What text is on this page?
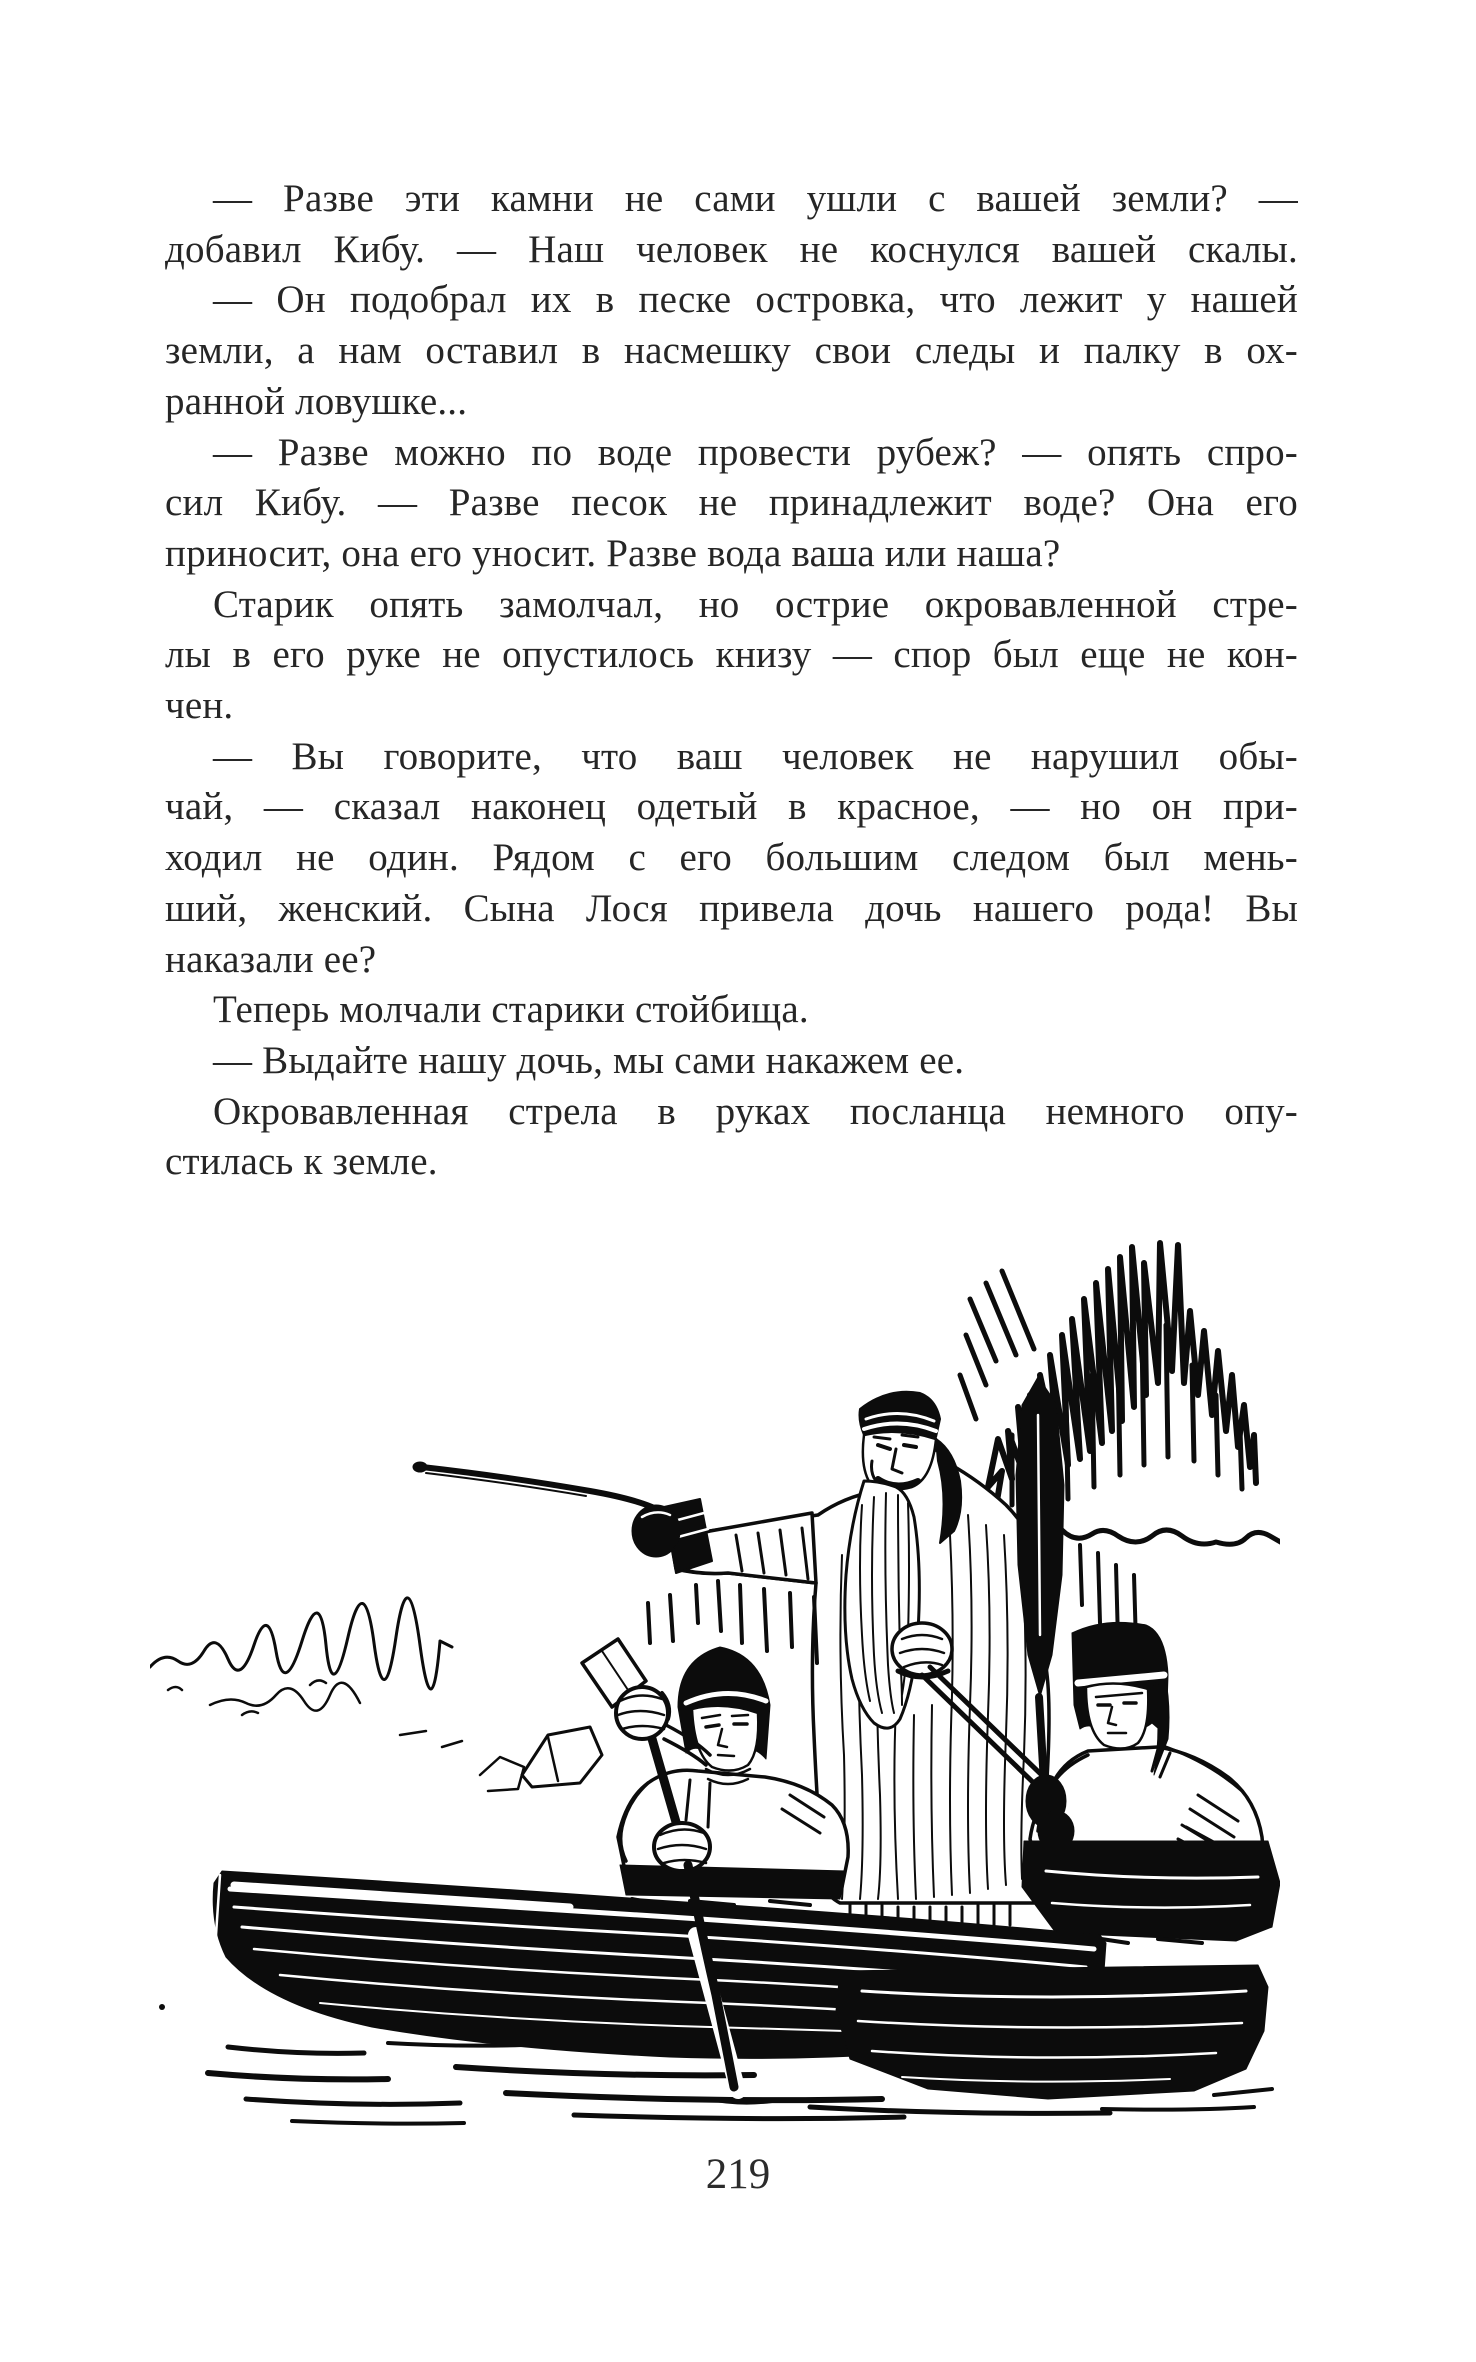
— Разве эти камни не сами ушли с вашей земли? —
добавил Кибу. — Наш человек не коснулся вашей скалы.
— Он подобрал их в песке островка, что лежит у нашей
земли, а нам оставил в насмешку свои следы и палку в ох-
ранной ловушке...
— Разве можно по воде провести рубеж? — опять спро-
сил Кибу. — Разве песок не принадлежит воде? Она его
приносит, она его уносит. Разве вода ваша или наша?
Старик опять замолчал, но острие окровавленной стре-
лы в его руке не опустилось книзу — спор был еще не кон-
чен.
— Вы говорите, что ваш человек не нарушил обы-
чай, — сказал наконец одетый в красное, — но он при-
ходил не один. Рядом с его большим следом был мень-
ший, женский. Сына Лося привела дочь нашего рода! Вы
наказали ее?
Теперь молчали старики стойбища.
— Выдайте нашу дочь, мы сами накажем ее.
Окровавленная стрела в руках посланца немного опу-
стилась к земле.
219
